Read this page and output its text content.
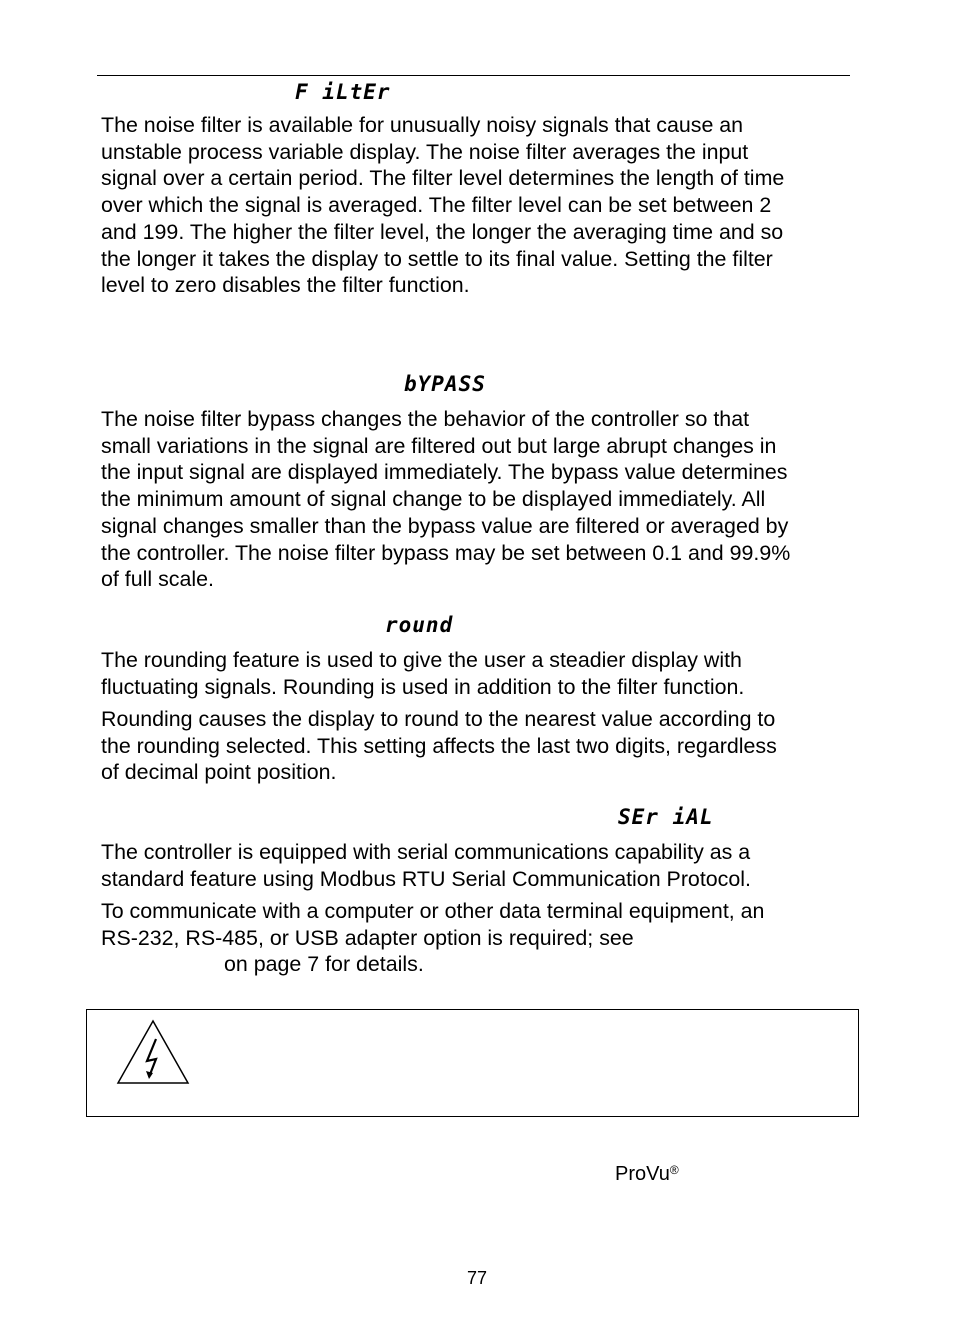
F iLtEr

The noise filter is available for unusually noisy signals that cause an
unstable process variable display. The noise filter averages the input
signal over a certain period. The filter level determines the length of time
over which the signal is averaged. The filter level can be set between 2
and 199. The higher the filter level, the longer the averaging time and so
the longer it takes the display to settle to its final value. Setting the filter
level to zero disables the filter function.

bYPASS

The noise filter bypass changes the behavior of the controller so that
small variations in the signal are filtered out but large abrupt changes in
the input signal are displayed immediately. The bypass value determines
the minimum amount of signal change to be displayed immediately. All
signal changes smaller than the bypass value are filtered or averaged by
the controller. The noise filter bypass may be set between 0.1 and 99.9%
of full scale.

round

The rounding feature is used to give the user a steadier display with
fluctuating signals. Rounding is used in addition to the filter function.

Rounding causes the display to round to the nearest value according to
the rounding selected. This setting affects the last two digits, regardless
of decimal point position.

SEr iAL

The controller is equipped with serial communications capability as a
standard feature using Modbus RTU Serial Communication Protocol.

To communicate with a computer or other data terminal equipment, an
RS-232, RS-485, or USB adapter option is required; see
on page 7 for details.

ProVu®
77
